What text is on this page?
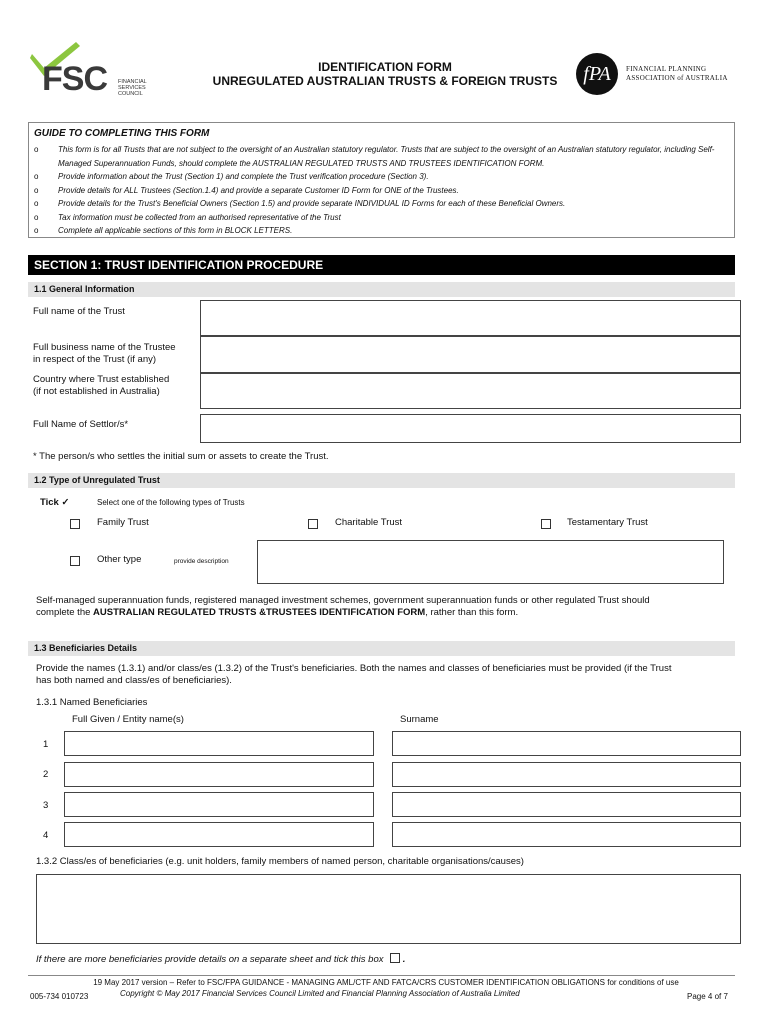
FSC FINANCIAL SERVICES COUNCIL
IDENTIFICATION FORM
UNREGULATED AUSTRALIAN TRUSTS & FOREIGN TRUSTS	fPA	FINANCIAL PLANNING
ASSOCIATION of AUSTRALIA
GUIDE TO COMPLETING THIS FORM
o This form is for all Trusts that are not subject to the oversight of an Australian statutory regulator. Trusts that are subject to the oversight of an Australian statutory regulator, including Self-Managed Superannuation Funds, should complete the AUSTRALIAN REGULATED TRUSTS AND TRUSTEES IDENTIFICATION FORM.
o Provide information about the Trust (Section 1) and complete the Trust verification procedure (Section 3).
o Provide details for ALL Trustees (Section.1.4) and provide a separate Customer ID Form for ONE of the Trustees.
o Provide details for the Trust's Beneficial Owners (Section 1.5) and provide separate INDIVIDUAL ID Forms for each of these Beneficial Owners.
o Tax information must be collected from an authorised representative of the Trust
o Complete all applicable sections of this form in BLOCK LETTERS.
SECTION 1: TRUST IDENTIFICATION PROCEDURE
1.1 General Information
Full name of the Trust
Full business name of the Trustee
in respect of the Trust (if any)
Country where Trust established
(if not established in Australia)
Full Name of Settlor/s*
* The person/s who settles the initial sum or assets to create the Trust.
1.2 Type of Unregulated Trust
Tick ✓	Select one of the following types of Trusts
Family Trust	Charitable Trust	Testamentary Trust
Other type	provide description
Self-managed superannuation funds, registered managed investment schemes, government superannuation funds or other regulated Trust should
complete the AUSTRALIAN REGULATED TRUSTS &TRUSTEES IDENTIFICATION FORM, rather than this form.
1.3 Beneficiaries Details
Provide the names (1.3.1) and/or class/es (1.3.2) of the Trust's beneficiaries. Both the names and classes of beneficiaries must be provided (if the Trust
has both named and class/es of beneficiaries).
1.3.1 Named Beneficiaries
Full Given / Entity name(s)	Surname
1
2
3
4
1.3.2 Class/es of beneficiaries (e.g. unit holders, family members of named person, charitable organisations/causes)
If there are more beneficiaries provide details on a separate sheet and tick this box .
19 May 2017 version – Refer to FSC/FPA GUIDANCE - MANAGING AML/CTF AND FATCA/CRS CUSTOMER IDENTIFICATION OBLIGATIONS for conditions of use
Copyright © May 2017 Financial Services Council Limited and Financial Planning Association of Australia Limited
005-734 010723	Page 4 of 7
